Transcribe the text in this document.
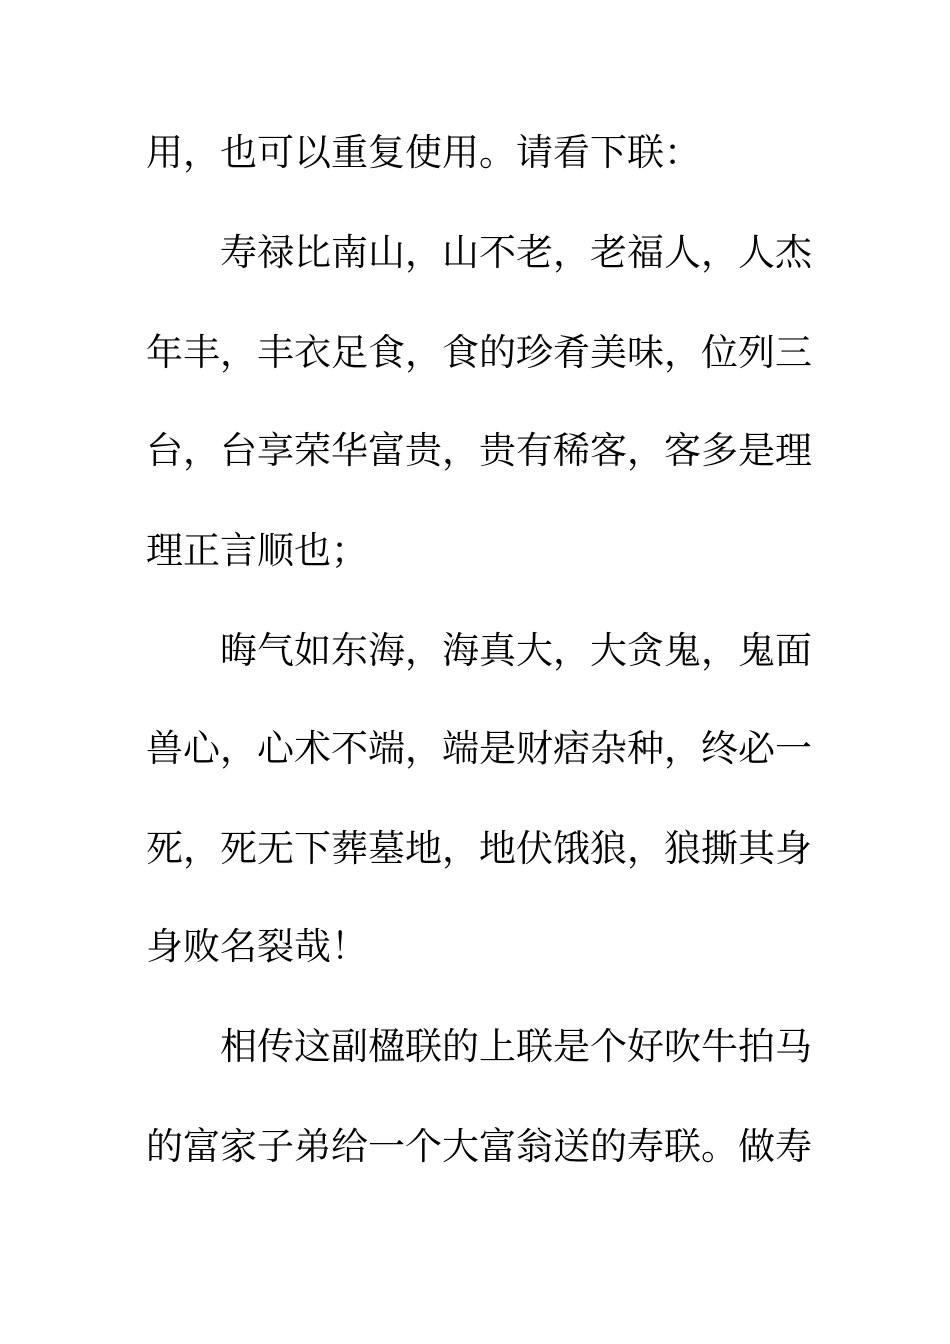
用，也可以重复使用。请看下联：
寿禄比南山，山不老，老福人，人杰
年丰，丰衣足食，食的珍肴美味，位列三
台，台享荣华富贵，贵有稀客，客多是理
理正言顺也；
晦气如东海，海真大，大贪鬼，鬼面
兽心，心术不端，端是财痞杂种，终必一
死，死无下葬墓地，地伏饿狼，狼撕其身
身败名裂哉！
相传这副楹联的上联是个好吹牛拍马
的富家子弟给一个大富翁送的寿联。做寿
